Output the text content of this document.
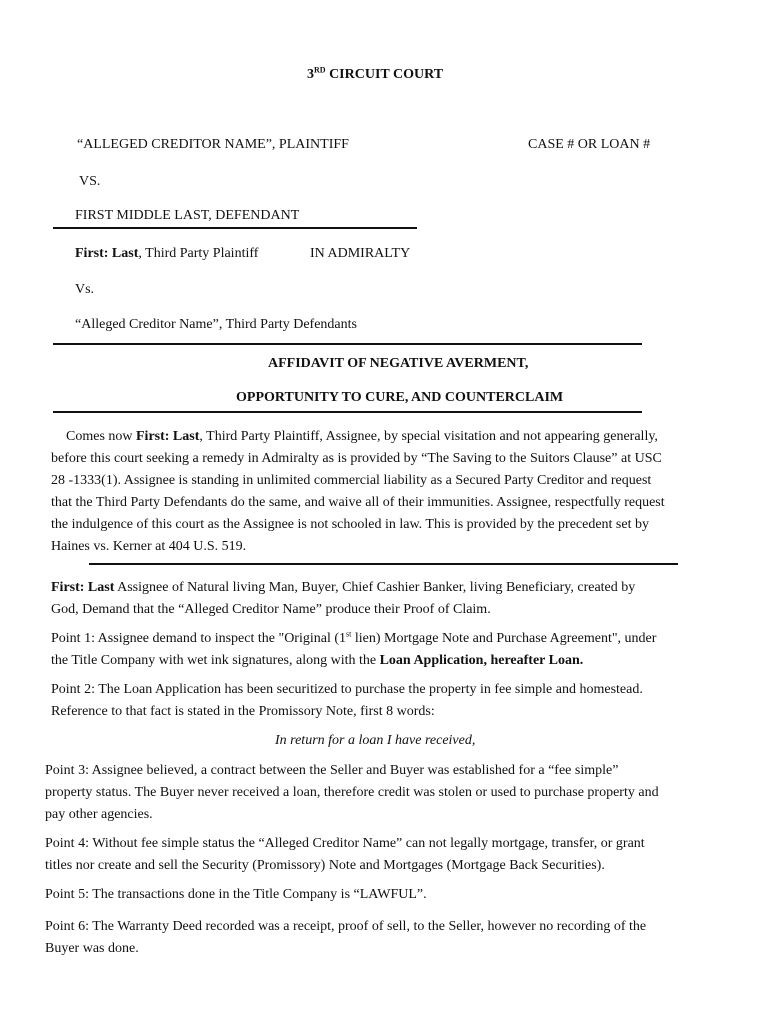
3RD CIRCUIT COURT
“ALLEGED CREDITOR NAME”, PLAINTIFF	CASE # OR LOAN #
VS.
FIRST MIDDLE LAST, DEFENDANT
First: Last, Third Party Plaintiff	IN ADMIRALTY
Vs.
“Alleged Creditor Name”, Third Party Defendants
AFFIDAVIT OF NEGATIVE AVERMENT,
OPPORTUNITY TO CURE, AND COUNTERCLAIM
Comes now First: Last, Third Party Plaintiff, Assignee, by special visitation and not appearing generally,
before this court seeking a remedy in Admiralty as is provided by “The Saving to the Suitors Clause” at USC
28 -1333(1). Assignee is standing in unlimited commercial liability as a Secured Party Creditor and request
that the Third Party Defendants do the same, and waive all of their immunities. Assignee, respectfully request
the indulgence of this court as the Assignee is not schooled in law. This is provided by the precedent set by
Haines vs. Kerner at 404 U.S. 519.
First: Last Assignee of Natural living Man, Buyer, Chief Cashier Banker, living Beneficiary, created by
God, Demand that the “Alleged Creditor Name” produce their Proof of Claim.
Point 1: Assignee demand to inspect the "Original (1st lien) Mortgage Note and Purchase Agreement", under
the Title Company with wet ink signatures, along with the Loan Application, hereafter Loan.
Point 2: The Loan Application has been securitized to purchase the property in fee simple and homestead.
Reference to that fact is stated in the Promissory Note, first 8 words:
In return for a loan I have received,
Point 3: Assignee believed, a contract between the Seller and Buyer was established for a “fee simple”
property status. The Buyer never received a loan, therefore credit was stolen or used to purchase property and
pay other agencies.
Point 4: Without fee simple status the “Alleged Creditor Name” can not legally mortgage, transfer, or grant
titles nor create and sell the Security (Promissory) Note and Mortgages (Mortgage Back Securities).
Point 5: The transactions done in the Title Company is “LAWFUL”.
Point 6: The Warranty Deed recorded was a receipt, proof of sell, to the Seller, however no recording of the
Buyer was done.
